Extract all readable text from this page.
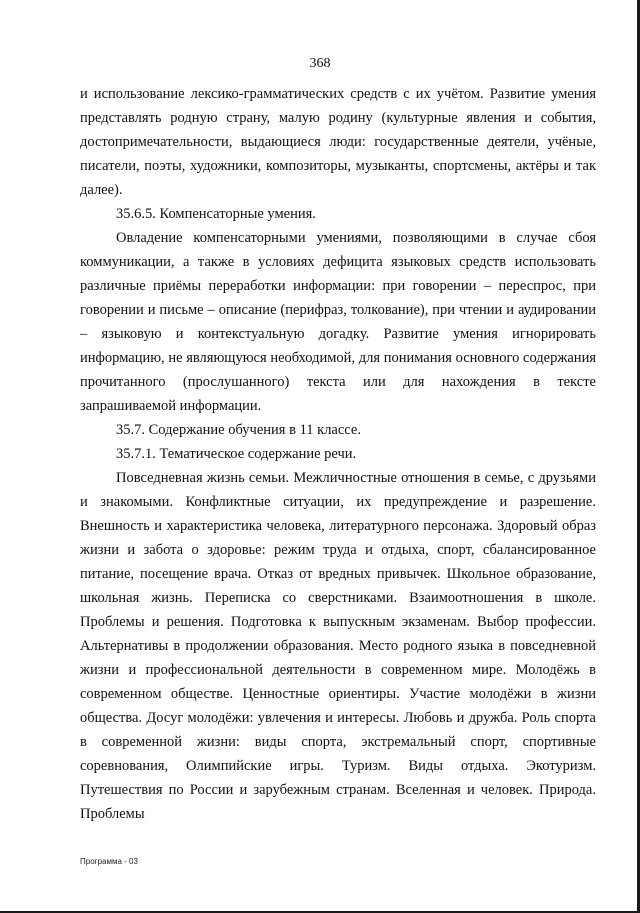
368

и использование лексико-грамматических средств с их учётом. Развитие умения представлять родную страну, малую родину (культурные явления и события, достопримечательности, выдающиеся люди: государственные деятели, учёные, писатели, поэты, художники, композиторы, музыканты, спортсмены, актёры и так далее).

35.6.5. Компенсаторные умения.

Овладение компенсаторными умениями, позволяющими в случае сбоя коммуникации, а также в условиях дефицита языковых средств использовать различные приёмы переработки информации: при говорении – переспрос, при говорении и письме – описание (перифраз, толкование), при чтении и аудировании – языковую и контекстуальную догадку. Развитие умения игнорировать информацию, не являющуюся необходимой, для понимания основного содержания прочитанного (прослушанного) текста или для нахождения в тексте запрашиваемой информации.

35.7. Содержание обучения в 11 классе.

35.7.1. Тематическое содержание речи.

Повседневная жизнь семьи. Межличностные отношения в семье, с друзьями и знакомыми. Конфликтные ситуации, их предупреждение и разрешение. Внешность и характеристика человека, литературного персонажа. Здоровый образ жизни и забота о здоровье: режим труда и отдыха, спорт, сбалансированное питание, посещение врача. Отказ от вредных привычек. Школьное образование, школьная жизнь. Переписка со сверстниками. Взаимоотношения в школе. Проблемы и решения. Подготовка к выпускным экзаменам. Выбор профессии. Альтернативы в продолжении образования. Место родного языка в повседневной жизни и профессиональной деятельности в современном мире. Молодёжь в современном обществе. Ценностные ориентиры. Участие молодёжи в жизни общества. Досуг молодёжи: увлечения и интересы. Любовь и дружба. Роль спорта в современной жизни: виды спорта, экстремальный спорт, спортивные соревнования, Олимпийские игры. Туризм. Виды отдыха. Экотуризм. Путешествия по России и зарубежным странам. Вселенная и человек. Природа. Проблемы

Программа - 03
